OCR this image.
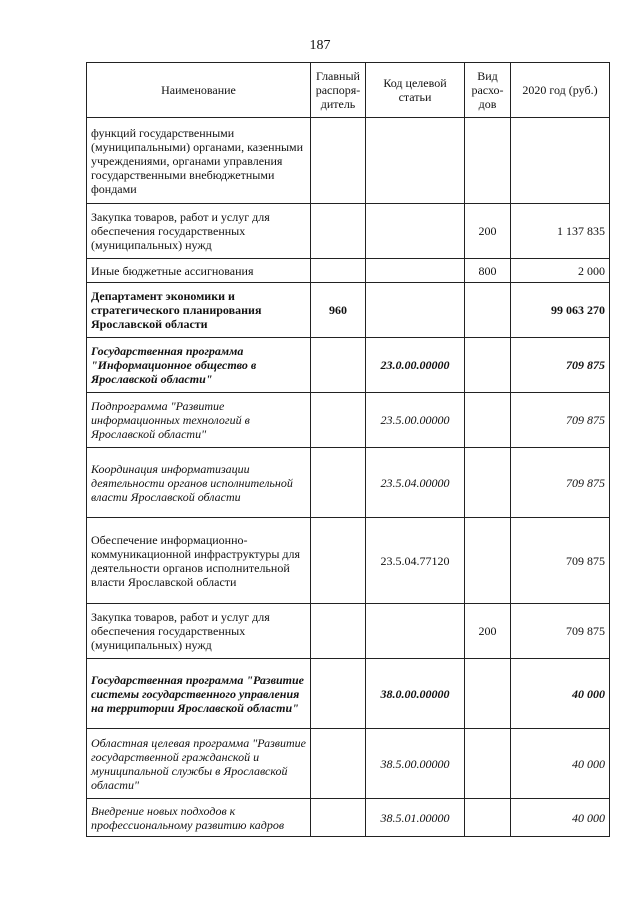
187
Наименование	Главный распоря-дитель	Код целевой статьи	Вид расхо-дов	2020 год (руб.)
функций государственными (муниципальными) органами, казенными учреждениями, органами управления государственными внебюджетными фондами				
Закупка товаров, работ и услуг для обеспечения государственных (муниципальных) нужд			200	1 137 835
Иные бюджетные ассигнования			800	2 000
Департамент экономики и стратегического планирования Ярославской области	960			99 063 270
Государственная программа "Информационное общество в Ярославской области"		23.0.00.00000		709 875
Подпрограмма "Развитие информационных технологий в Ярославской области"		23.5.00.00000		709 875
Координация информатизации деятельности органов исполнительной власти Ярославской области		23.5.04.00000		709 875
Обеспечение информационно-коммуникационной инфраструктуры для деятельности органов исполнительной власти Ярославской области		23.5.04.77120		709 875
Закупка товаров, работ и услуг для обеспечения государственных (муниципальных) нужд			200	709 875
Государственная программа "Развитие системы государственного управления на территории Ярославской области"		38.0.00.00000		40 000
Областная целевая программа "Развитие государственной гражданской и муниципальной службы в Ярославской области"		38.5.00.00000		40 000
Внедрение новых подходов к профессиональному развитию кадров		38.5.01.00000		40 000
